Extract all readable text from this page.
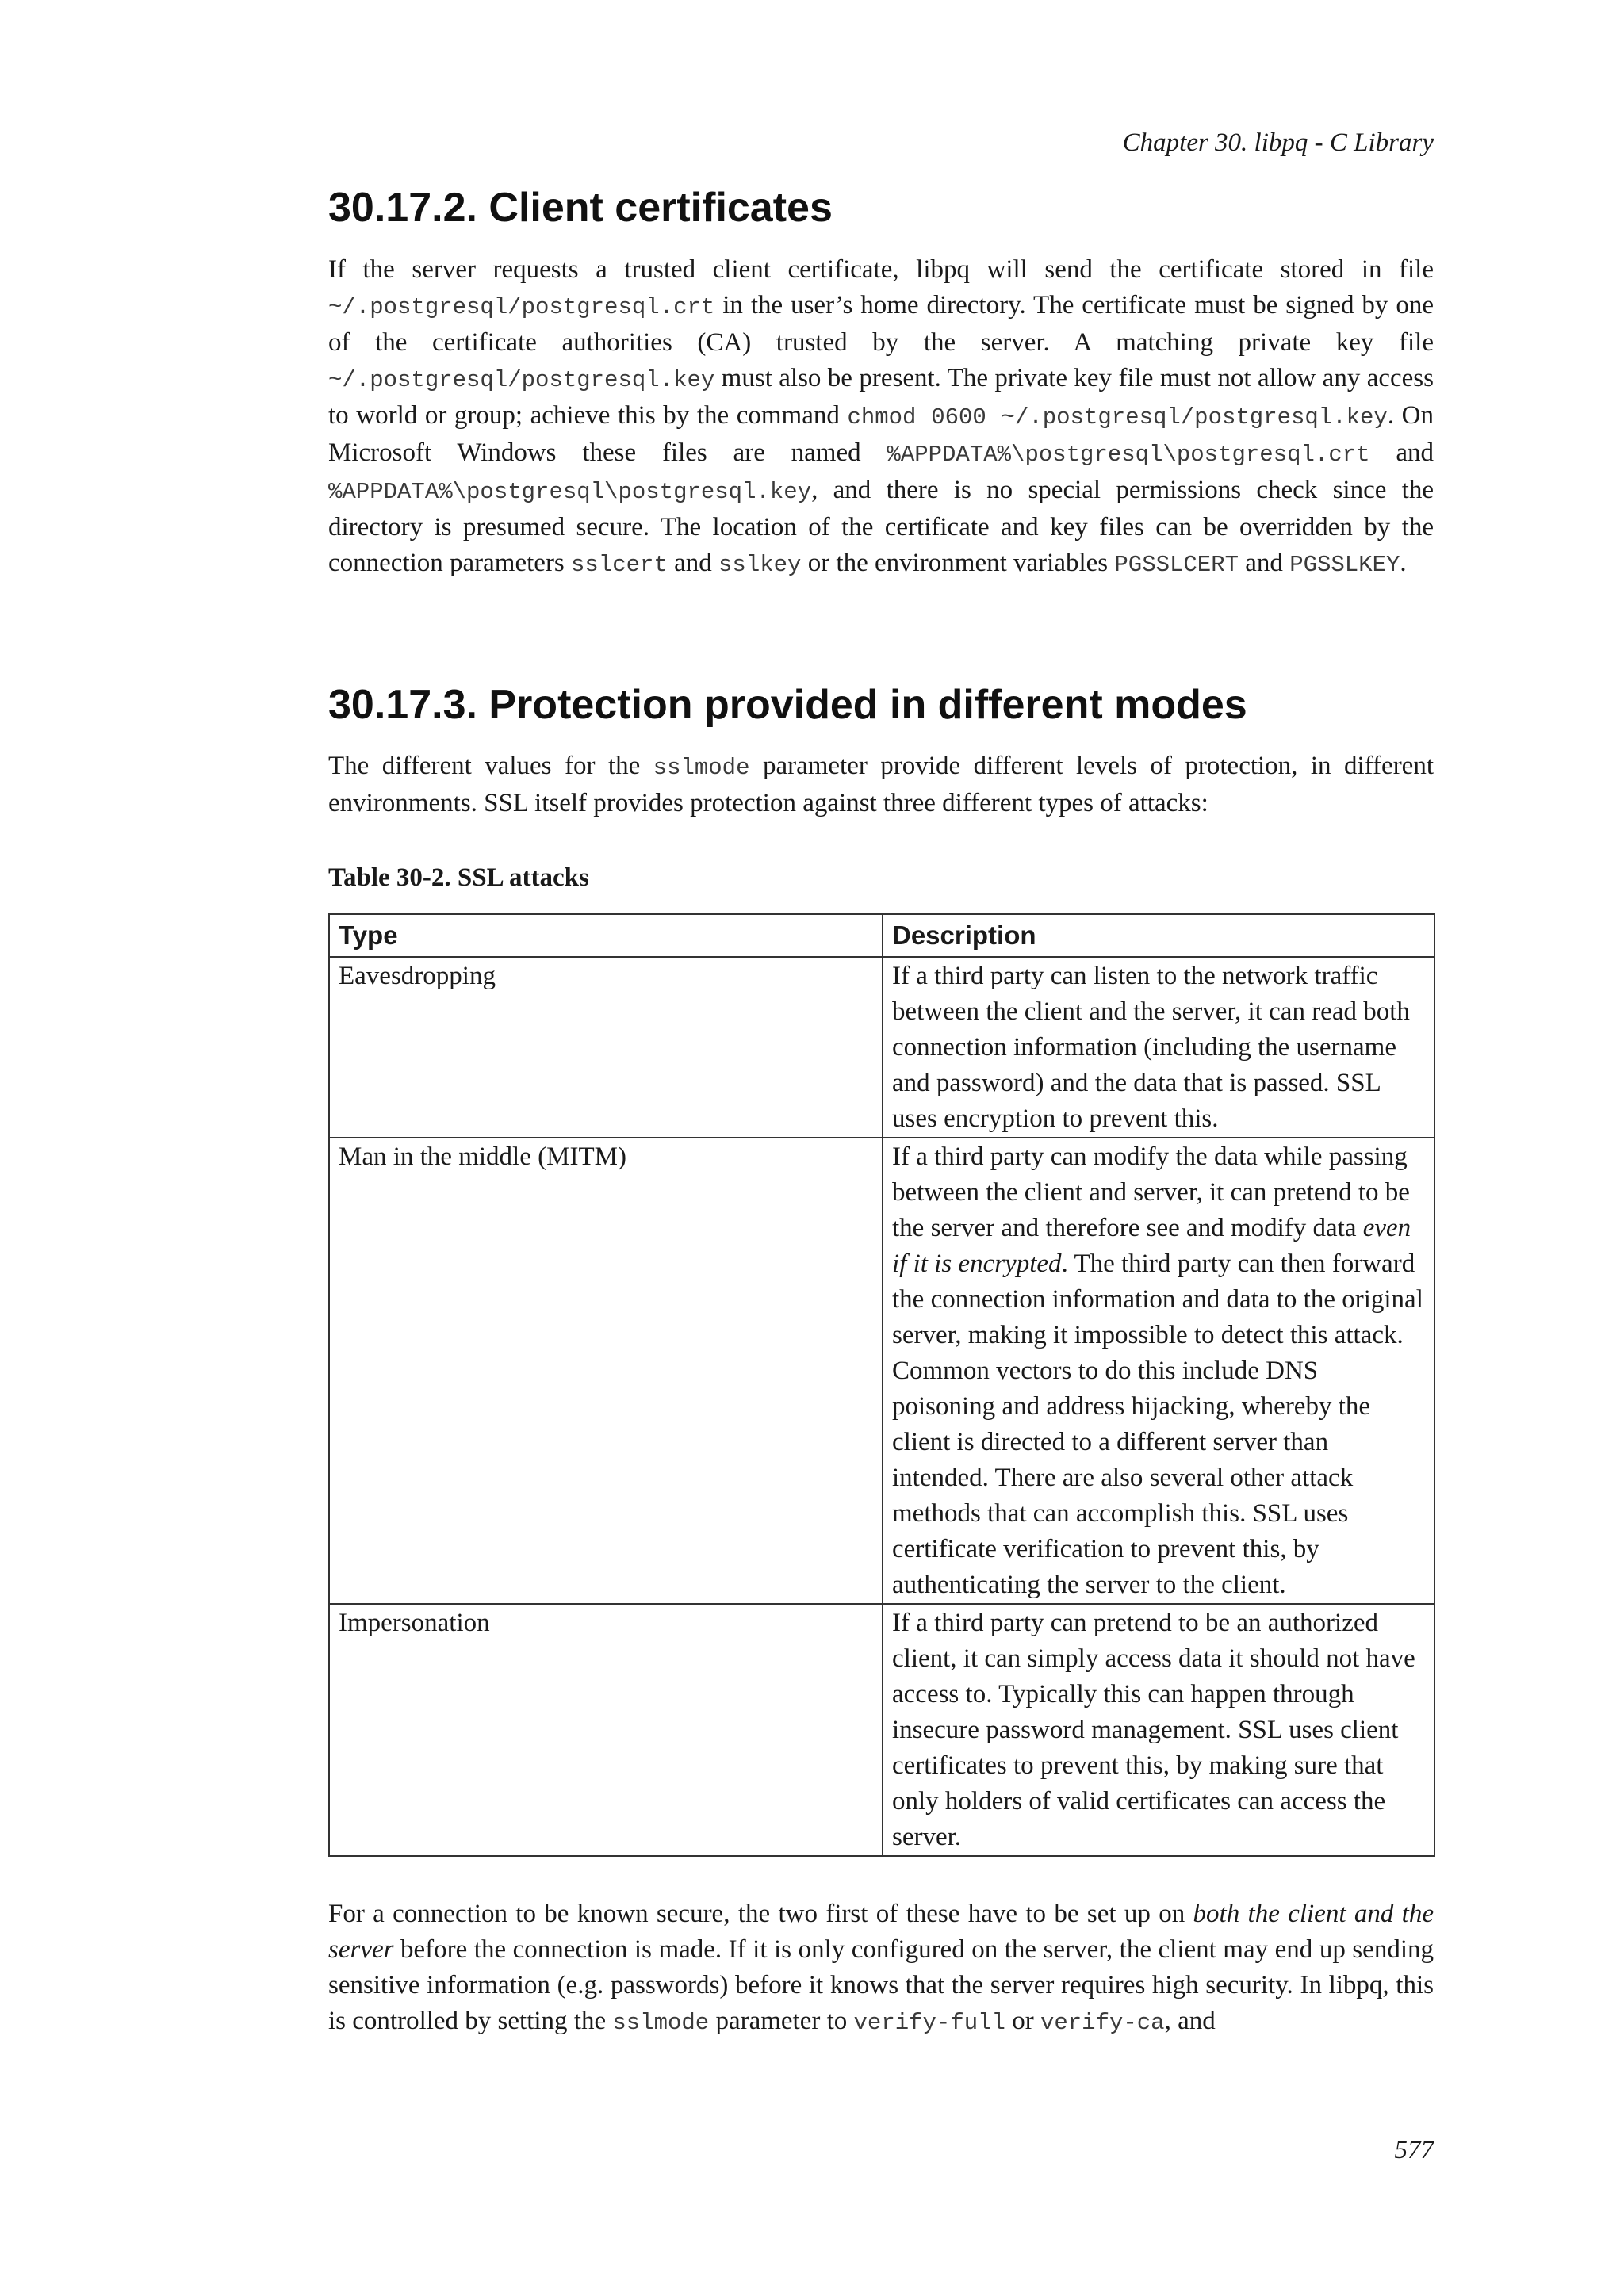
Chapter 30. libpq - C Library
30.17.2. Client certificates

If the server requests a trusted client certificate, libpq will send the certificate stored in file ~/.postgresql/postgresql.crt in the user’s home directory. The certificate must be signed by one of the certificate authorities (CA) trusted by the server. A matching private key file ~/.postgresql/postgresql.key must also be present. The private key file must not allow any access to world or group; achieve this by the command chmod 0600 ~/.postgresql/postgresql.key. On Microsoft Windows these files are named %APPDATA%\postgresql\postgresql.crt and %APPDATA%\postgresql\postgresql.key, and there is no special permissions check since the directory is presumed secure. The location of the certificate and key files can be overridden by the connection parameters sslcert and sslkey or the environment variables PGSSLCERT and PGSSLKEY.

30.17.3. Protection provided in different modes

The different values for the sslmode parameter provide different levels of protection, in different environments. SSL itself provides protection against three different types of attacks:

Table 30-2. SSL attacks
Type	Description
Eavesdropping	If a third party can listen to the network traffic between the client and the server, it can read both connection information (including the username and password) and the data that is passed. SSL uses encryption to prevent this.
Man in the middle (MITM)	If a third party can modify the data while passing between the client and server, it can pretend to be the server and therefore see and modify data even if it is encrypted. The third party can then forward the connection information and data to the original server, making it impossible to detect this attack. Common vectors to do this include DNS poisoning and address hijacking, whereby the client is directed to a different server than intended. There are also several other attack methods that can accomplish this. SSL uses certificate verification to prevent this, by authenticating the server to the client.
Impersonation	If a third party can pretend to be an authorized client, it can simply access data it should not have access to. Typically this can happen through insecure password management. SSL uses client certificates to prevent this, by making sure that only holders of valid certificates can access the server.

For a connection to be known secure, the two first of these have to be set up on both the client and the server before the connection is made. If it is only configured on the server, the client may end up sending sensitive information (e.g. passwords) before it knows that the server requires high security. In libpq, this is controlled by setting the sslmode parameter to verify-full or verify-ca, and

577
